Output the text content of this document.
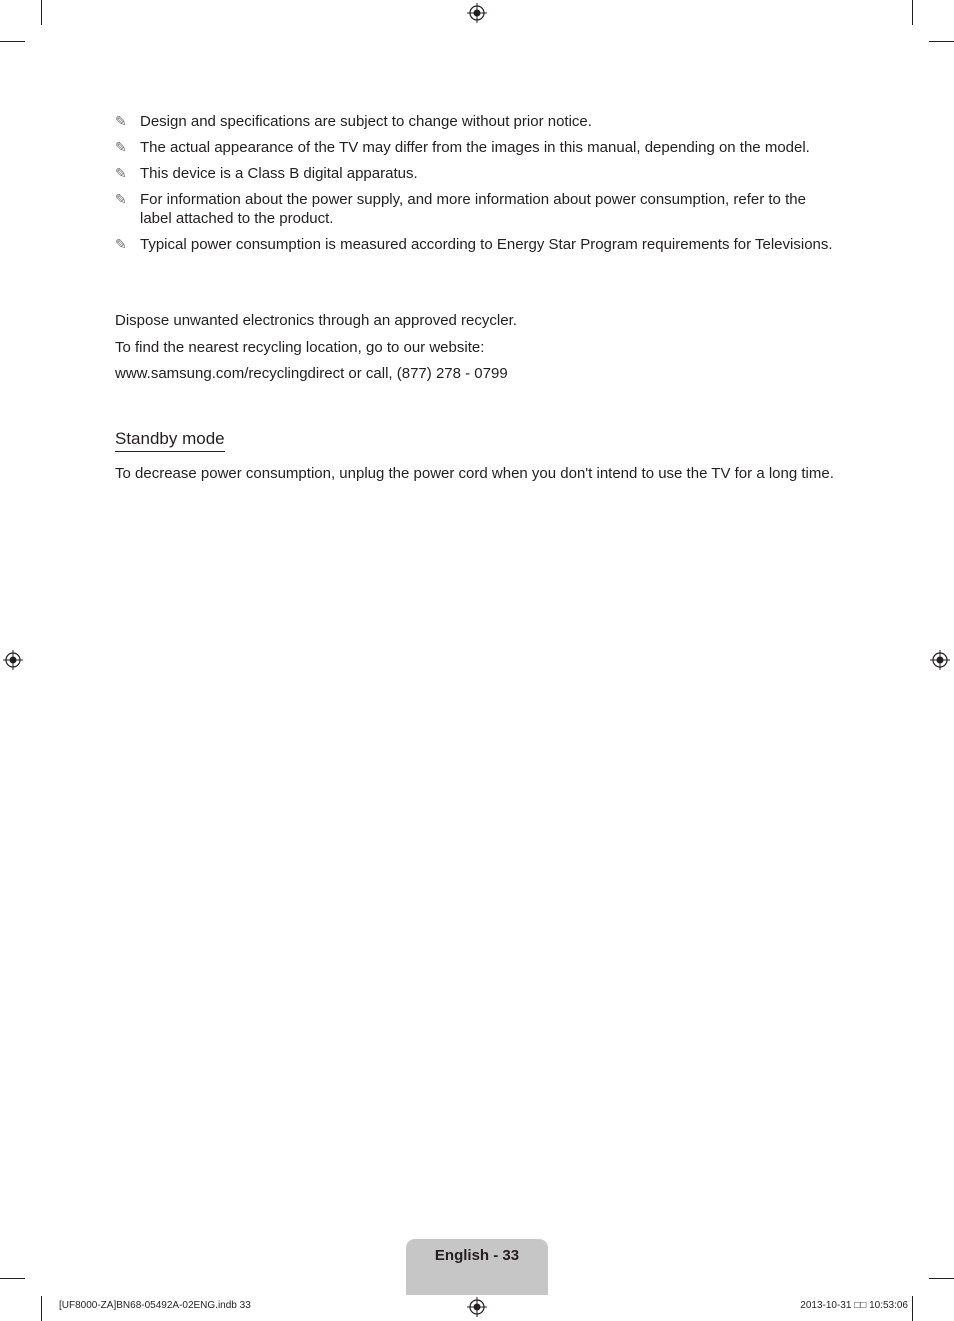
✎ Design and specifications are subject to change without prior notice.
✎ The actual appearance of the TV may differ from the images in this manual, depending on the model.
✎ This device is a Class B digital apparatus.
✎ For information about the power supply, and more information about power consumption, refer to the label attached to the product.
✎ Typical power consumption is measured according to Energy Star Program requirements for Televisions.

Dispose unwanted electronics through an approved recycler.

To find the nearest recycling location, go to our website:

www.samsung.com/recyclingdirect or call, (877) 278 - 0799

Standby mode

To decrease power consumption, unplug the power cord when you don't intend to use the TV for a long time.

English - 33
[UF8000-ZA]BN68-05492A-02ENG.indb 33	2013-10-31 □□ 10:53:06
